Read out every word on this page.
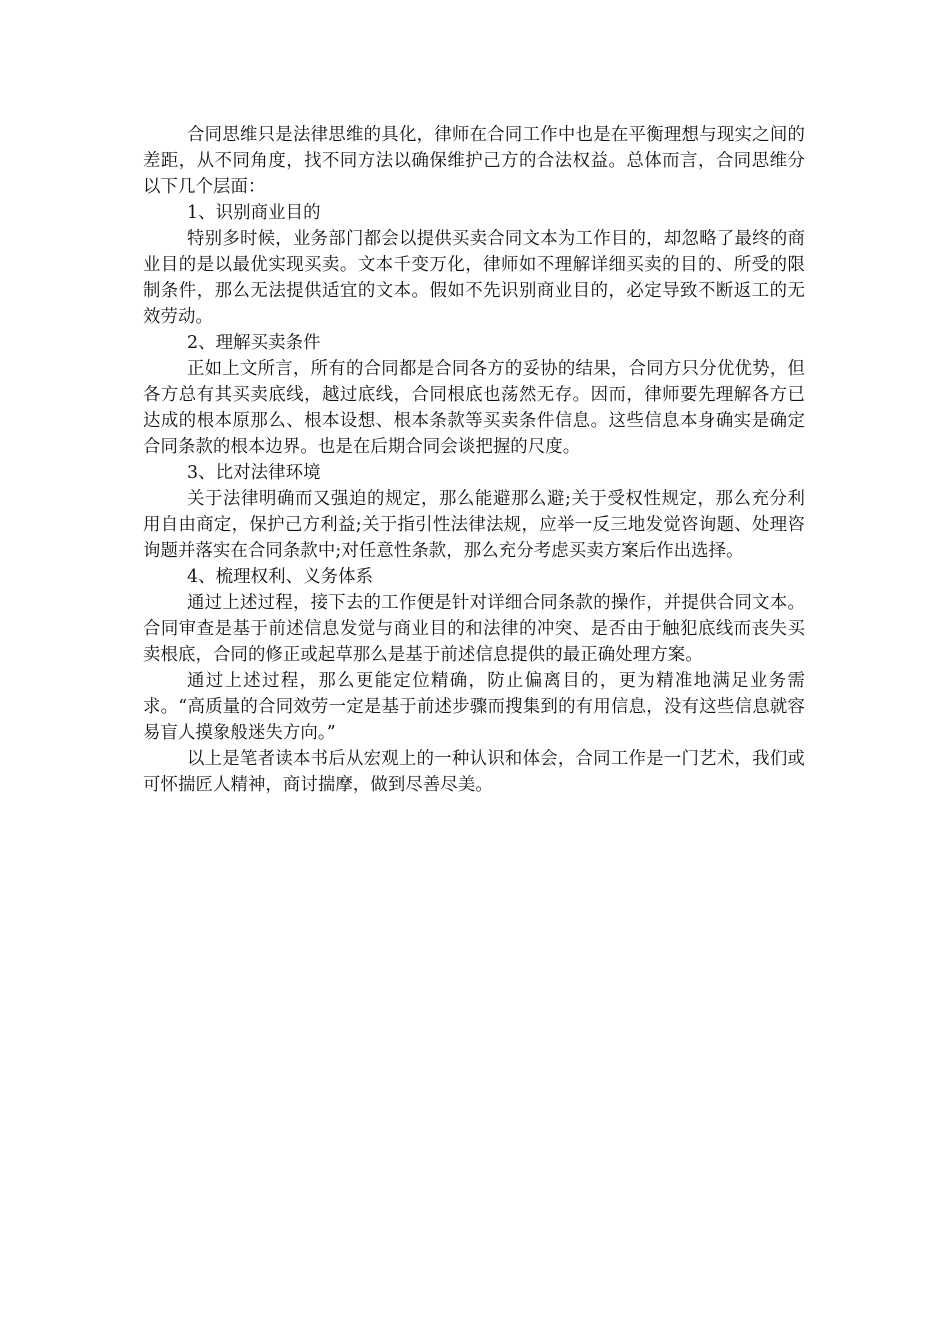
合同思维只是法律思维的具化，律师在合同工作中也是在平衡理想与现实之间的差距，从不同角度，找不同方法以确保维护己方的合法权益。总体而言，合同思维分以下几个层面：

1、识别商业目的

特别多时候，业务部门都会以提供买卖合同文本为工作目的，却忽略了最终的商业目的是以最优实现买卖。文本千变万化，律师如不理解详细买卖的目的、所受的限制条件，那么无法提供适宜的文本。假如不先识别商业目的，必定导致不断返工的无效劳动。

2、理解买卖条件

正如上文所言，所有的合同都是合同各方的妥协的结果，合同方只分优优势，但各方总有其买卖底线，越过底线，合同根底也荡然无存。因而，律师要先理解各方已达成的根本原那么、根本设想、根本条款等买卖条件信息。这些信息本身确实是确定合同条款的根本边界。也是在后期合同会谈把握的尺度。

3、比对法律环境

关于法律明确而又强迫的规定，那么能避那么避;关于受权性规定，那么充分利用自由商定，保护己方利益;关于指引性法律法规，应举一反三地发觉咨询题、处理咨询题并落实在合同条款中;对任意性条款，那么充分考虑买卖方案后作出选择。

4、梳理权利、义务体系

通过上述过程，接下去的工作便是针对详细合同条款的操作，并提供合同文本。合同审查是基于前述信息发觉与商业目的和法律的冲突、是否由于触犯底线而丧失买卖根底，合同的修正或起草那么是基于前述信息提供的最正确处理方案。

通过上述过程，那么更能定位精确，防止偏离目的，更为精准地满足业务需求。“高质量的合同效劳一定是基于前述步骤而搜集到的有用信息，没有这些信息就容易盲人摸象般迷失方向。”

以上是笔者读本书后从宏观上的一种认识和体会，合同工作是一门艺术，我们或可怀揣匠人精神，商讨揣摩，做到尽善尽美。
